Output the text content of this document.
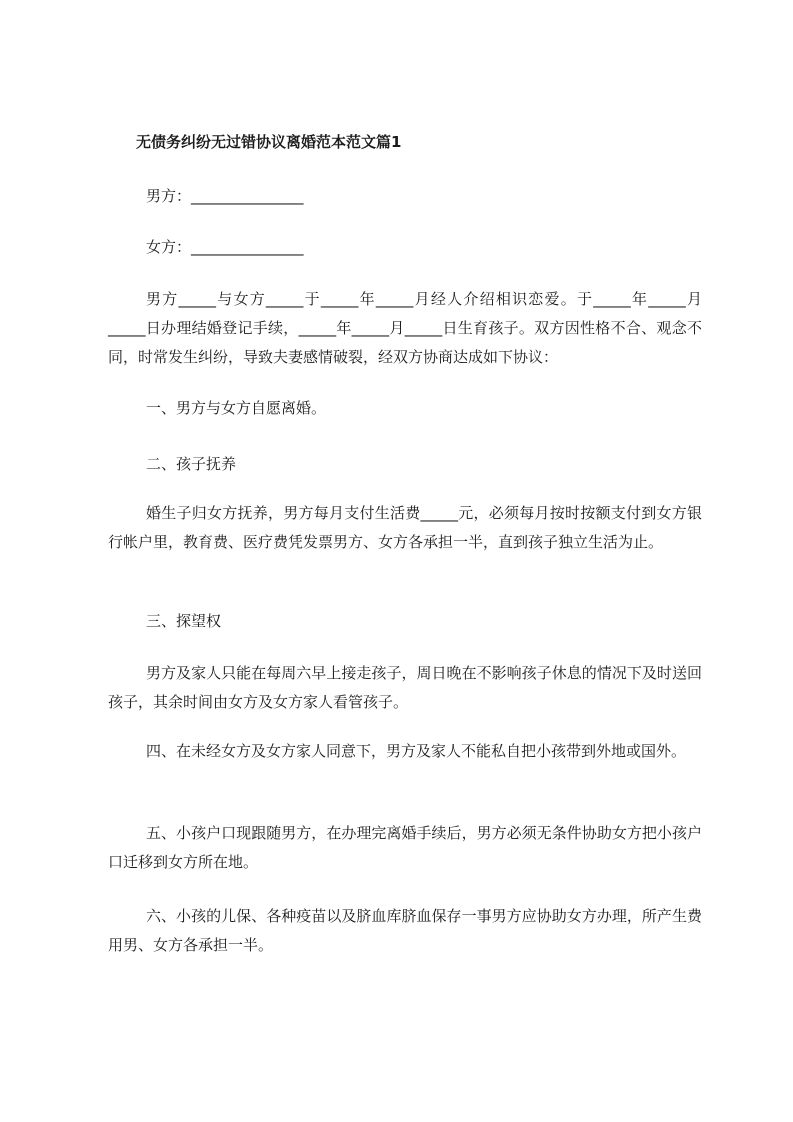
无债务纠纷无过错协议离婚范本范文篇1
男方：_______________
女方：_______________
男方_____与女方_____于_____年_____月经人介绍相识恋爱。于_____年_____月_____日办理结婚登记手续，_____年_____月_____日生育孩子。双方因性格不合、观念不同，时常发生纠纷，导致夫妻感情破裂，经双方协商达成如下协议：
一、男方与女方自愿离婚。
二、孩子抚养
婚生子归女方抚养，男方每月支付生活费_____元，必须每月按时按额支付到女方银行帐户里，教育费、医疗费凭发票男方、女方各承担一半，直到孩子独立生活为止。
三、探望权
男方及家人只能在每周六早上接走孩子，周日晚在不影响孩子休息的情况下及时送回孩子，其余时间由女方及女方家人看管孩子。
四、在未经女方及女方家人同意下，男方及家人不能私自把小孩带到外地或国外。
五、小孩户口现跟随男方，在办理完离婚手续后，男方必须无条件协助女方把小孩户口迁移到女方所在地。
六、小孩的儿保、各种疫苗以及脐血库脐血保存一事男方应协助女方办理，所产生费用男、女方各承担一半。
